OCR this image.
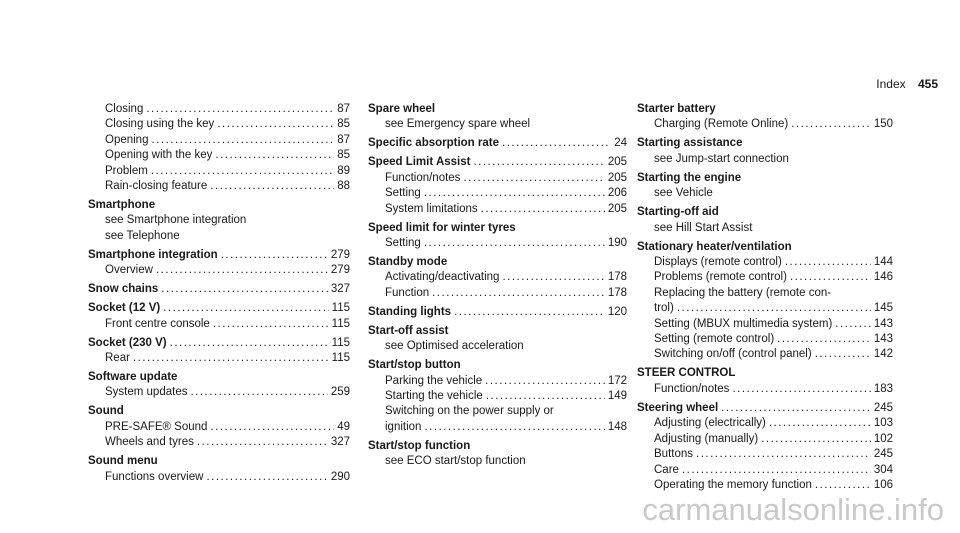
Index 455
Closing .....	87
Closing using the key .....	85
Opening .....	87
Opening with the key .....	85
Problem .....	89
Rain-closing feature .....	88
Smartphone
see Smartphone integration
see Telephone
Smartphone integration .....	279
Overview .....	279
Snow chains .....	327
Socket (12 V) .....	115
Front centre console .....	115
Socket (230 V) .....	115
Rear .....	115
Software update
System updates .....	259
Sound
PRE-SAFE® Sound .....	49
Wheels and tyres .....	327
Sound menu
Functions overview .....	290
Spare wheel
see Emergency spare wheel
Specific absorption rate .....	24
Speed Limit Assist .....	205
Function/notes .....	205
Setting .....	206
System limitations .....	205
Speed limit for winter tyres
Setting .....	190
Standby mode
Activating/deactivating .....	178
Function .....	178
Standing lights .....	120
Start-off assist
see Optimised acceleration
Start/stop button
Parking the vehicle .....	172
Starting the vehicle .....	149
Switching on the power supply or
ignition .....	148
Start/stop function
see ECO start/stop function
Starter battery
Charging (Remote Online) .....	150
Starting assistance
see Jump-start connection
Starting the engine
see Vehicle
Starting-off aid
see Hill Start Assist
Stationary heater/ventilation
Displays (remote control) .....	144
Problems (remote control) .....	146
Replacing the battery (remote con-
trol) .....	145
Setting (MBUX multimedia system) .....	143
Setting (remote control) .....	143
Switching on/off (control panel) .....	142
STEER CONTROL
Function/notes .....	183
Steering wheel .....	245
Adjusting (electrically) .....	103
Adjusting (manually) .....	102
Buttons .....	245
Care .....	304
Operating the memory function .....	106
carmanualsonline.info
